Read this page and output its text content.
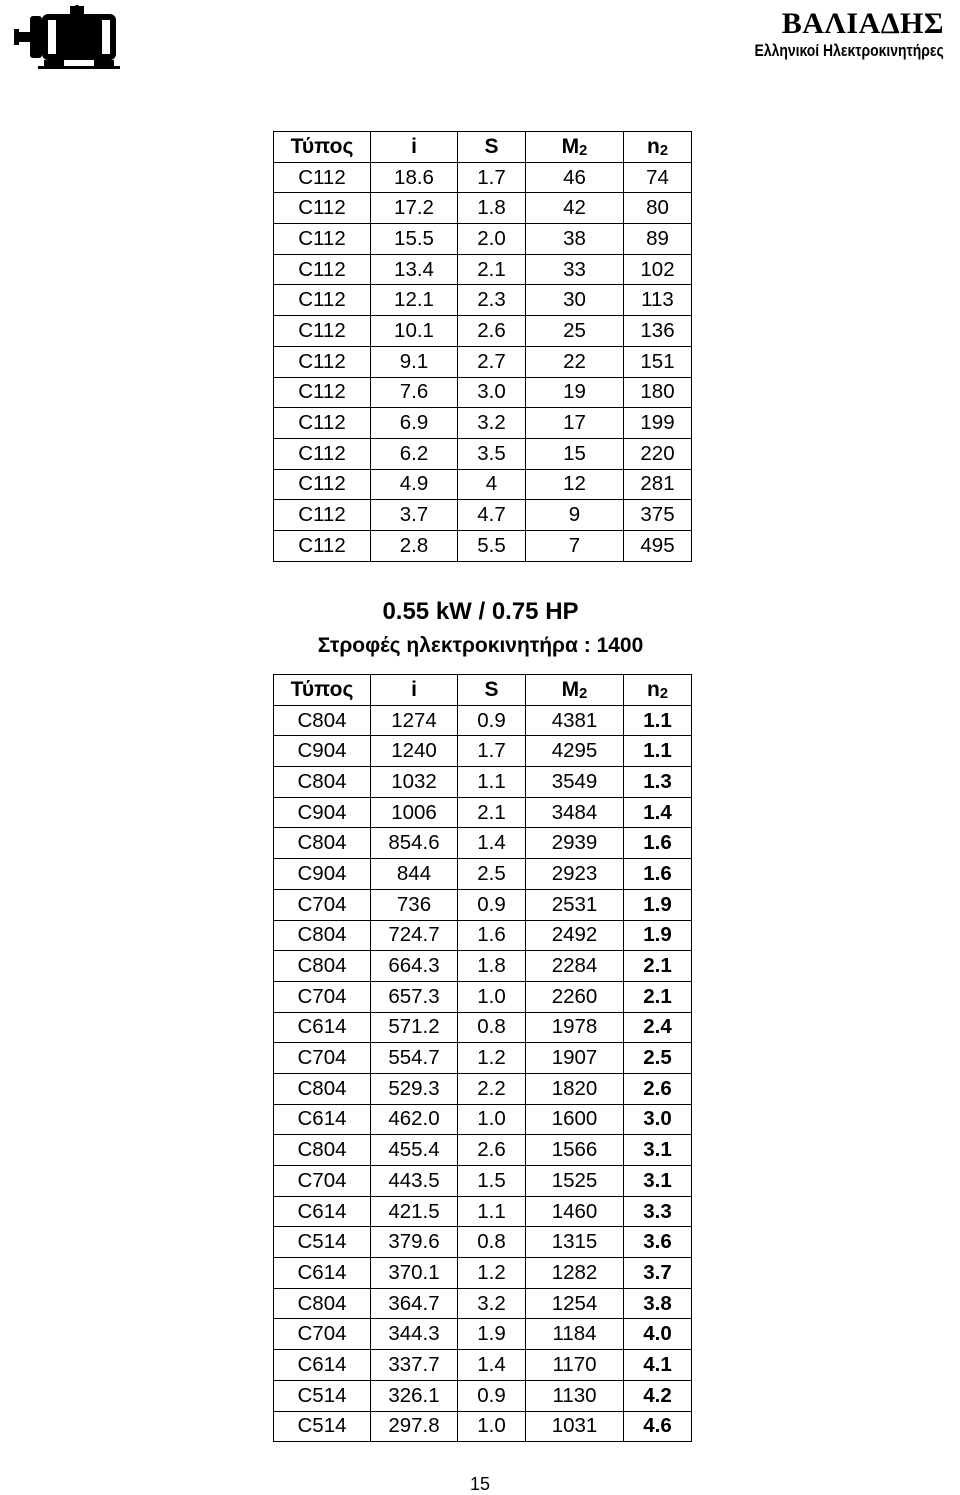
ΒΑΛΙΑΔΗΣ
Ελληνικοί Ηλεκτροκινητήρες
Τύπος	i	S	$M_2$	$n_2$
C112	18.6	1.7	46	74
C112	17.2	1.8	42	80
C112	15.5	2.0	38	89
C112	13.4	2.1	33	102
C112	12.1	2.3	30	113
C112	10.1	2.6	25	136
C112	9.1	2.7	22	151
C112	7.6	3.0	19	180
C112	6.9	3.2	17	199
C112	6.2	3.5	15	220
C112	4.9	4	12	281
C112	3.7	4.7	9	375
C112	2.8	5.5	7	495
0.55 kW / 0.75 HP
Στροφές ηλεκτροκινητήρα : 1400
Τύπος	i	S	$M_2$	$n_2$
C804	1274	0.9	4381	1.1
C904	1240	1.7	4295	1.1
C804	1032	1.1	3549	1.3
C904	1006	2.1	3484	1.4
C804	854.6	1.4	2939	1.6
C904	844	2.5	2923	1.6
C704	736	0.9	2531	1.9
C804	724.7	1.6	2492	1.9
C804	664.3	1.8	2284	2.1
C704	657.3	1.0	2260	2.1
C614	571.2	0.8	1978	2.4
C704	554.7	1.2	1907	2.5
C804	529.3	2.2	1820	2.6
C614	462.0	1.0	1600	3.0
C804	455.4	2.6	1566	3.1
C704	443.5	1.5	1525	3.1
C614	421.5	1.1	1460	3.3
C514	379.6	0.8	1315	3.6
C614	370.1	1.2	1282	3.7
C804	364.7	3.2	1254	3.8
C704	344.3	1.9	1184	4.0
C614	337.7	1.4	1170	4.1
C514	326.1	0.9	1130	4.2
C514	297.8	1.0	1031	4.6
15
